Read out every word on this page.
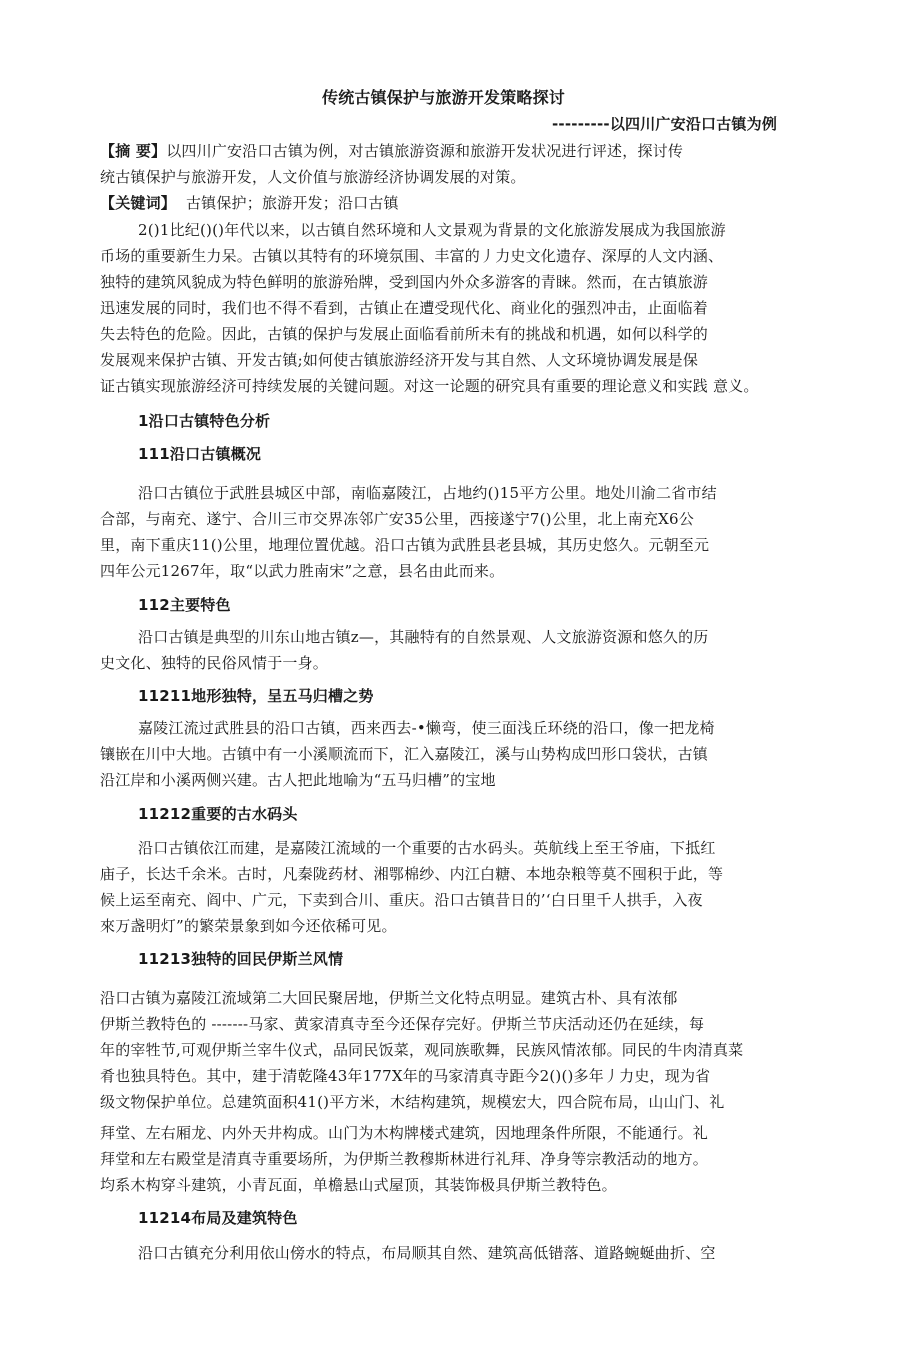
传统古镇保护与旅游开发策略探讨
---------以四川广安沿口古镇为例
【摘 要】以四川广安沿口古镇为例，对古镇旅游资源和旅游开发状况进行评述，探讨传
统古镇保护与旅游开发，人文价值与旅游经济协调发展的对策。
【关键词】 古镇保护；旅游开发；沿口古镇
2()1比纪()()年代以来，以古镇自然环境和人文景观为背景的文化旅游发展成为我国旅游
币场的重要新生力呆。古镇以其特有的环境氛围、丰富的丿力史文化遗存、深厚的人文内涵、
独特的建筑风貌成为特色鲜明的旅游殆牌，受到国内外众多游客的青睐。然而，在古镇旅游
迅速发展的同时，我们也不得不看到，古镇止在遭受现代化、商业化的强烈冲击，止面临着
失去特色的危险。因此，古镇的保护与发展止面临看前所未有的挑战和机遇，如何以科学的
发展观来保护古镇、开发古镇;如何使古镇旅游经济开发与其自然、人文环境协调发展是保
证古镇实现旅游经济可持续发展的关键问题。对这一论题的研究具有重要的理论意义和实践 意义。
1沿口古镇特色分析
111沿口古镇概况
沿口古镇位于武胜县城区中部，南临嘉陵江，占地约()15平方公里。地处川渝二省市结
合部，与南充、遂宁、合川三市交界冻邻广安35公里，西接遂宁7()公里，北上南充X6公
里，南下重庆11()公里，地理位置优越。沿口古镇为武胜县老县城，其历史悠久。元朝至元
四年公元1267年，取“以武力胜南宋”之意，县名由此而来。
112主要特色
沿口古镇是典型的川东山地古镇z—，其融特有的自然景观、人文旅游资源和悠久的历
史文化、独特的民俗风情于一身。
11211地形独特，呈五马归槽之势
嘉陵江流过武胜县的沿口古镇，西来西去-•懒弯，使三面浅丘环绕的沿口，像一把龙椅
镶嵌在川中大地。古镇中有一小溪顺流而下，汇入嘉陵江，溪与山势构成凹形口袋状，古镇
沿江岸和小溪两侧兴建。古人把此地喻为“五马归槽”的宝地
11212重要的古水码头
沿口古镇依江而建，是嘉陵江流域的一个重要的古水码头。英航线上至王爷庙，下抵红
庙子，长达千余米。古时，凡秦陇药材、湘鄂棉纱、内江白糖、本地杂粮等莫不囤积于此，等
候上运至南充、阎中、广元，下卖到合川、重庆。沿口古镇昔日的’‘白日里千人拱手，入夜
來万盏明灯”的繁荣景象到如今还依稀可见。
11213独特的回民伊斯兰风情
沿口古镇为嘉陵江流域第二大回民聚居地，伊斯兰文化特点明显。建筑古朴、具有浓郁
伊斯兰教特色的 -------马家、黄家清真寺至今还保存完好。伊斯兰节庆活动还仍在延续，每
年的宰牲节,可观伊斯兰宰牛仪式，品同民饭菜，观同族歌舞，民族风情浓郁。同民的牛肉清真菜
肴也独具特色。其中，建于清乾隆43年177X年的马家清真寺距今2()()多年丿力史，现为省
级文物保护单位。总建筑面积41()平方米，木结构建筑，规模宏大，四合院布局，山山门、礼
拜堂、左右厢龙、内外天井构成。山门为木构牌楼式建筑，因地理条件所限，不能通行。礼
拜堂和左右殿堂是清真寺重要场所，为伊斯兰教穆斯林进行礼拜、净身等宗教活动的地方。
均系木构穿斗建筑，小青瓦面，单檐悬山式屋顶，其装饰极具伊斯兰教特色。
11214布局及建筑特色
沿口古镇充分利用依山傍水的特点，布局顺其自然、建筑高低错落、道路蜿蜒曲折、空
